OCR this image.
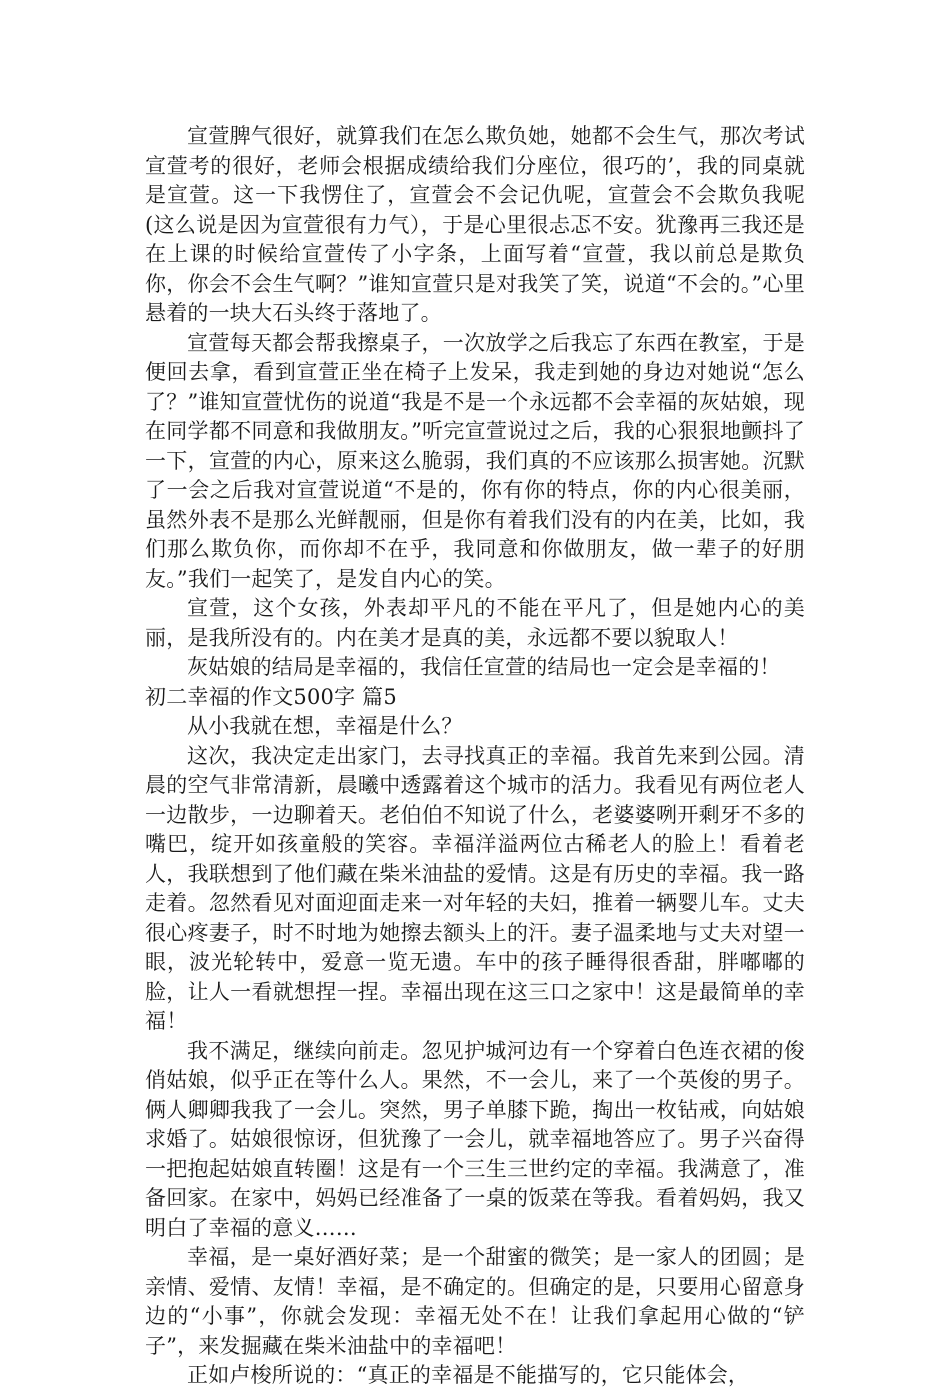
宣萱脾气很好，就算我们在怎么欺负她，她都不会生气，那次考试宣萱考的很好，老师会根据成绩给我们分座位，很巧的’，我的同桌就是宣萱。这一下我愣住了，宣萱会不会记仇呢，宣萱会不会欺负我呢(这么说是因为宣萱很有力气），于是心里很忐忑不安。犹豫再三我还是在上课的时候给宣萱传了小字条，上面写着“宣萱，我以前总是欺负你，你会不会生气啊？”谁知宣萱只是对我笑了笑，说道“不会的。”心里悬着的一块大石头终于落地了。

宣萱每天都会帮我擦桌子，一次放学之后我忘了东西在教室，于是便回去拿，看到宣萱正坐在椅子上发呆，我走到她的身边对她说“怎么了？”谁知宣萱忧伤的说道“我是不是一个永远都不会幸福的灰姑娘，现在同学都不同意和我做朋友。”听完宣萱说过之后，我的心狠狠地颤抖了一下，宣萱的内心，原来这么脆弱，我们真的不应该那么损害她。沉默了一会之后我对宣萱说道“不是的，你有你的特点，你的内心很美丽，虽然外表不是那么光鲜靓丽，但是你有着我们没有的内在美，比如，我们那么欺负你，而你却不在乎，我同意和你做朋友，做一辈子的好朋友。”我们一起笑了，是发自内心的笑。

宣萱，这个女孩，外表却平凡的不能在平凡了，但是她内心的美丽，是我所没有的。内在美才是真的美，永远都不要以貌取人！

灰姑娘的结局是幸福的，我信任宣萱的结局也一定会是幸福的！

初二幸福的作文500字 篇5

从小我就在想，幸福是什么？

这次，我决定走出家门，去寻找真正的幸福。我首先来到公园。清晨的空气非常清新，晨曦中透露着这个城市的活力。我看见有两位老人一边散步，一边聊着天。老伯伯不知说了什么，老婆婆咧开剩牙不多的嘴巴，绽开如孩童般的笑容。幸福洋溢两位古稀老人的脸上！看着老人，我联想到了他们藏在柴米油盐的爱情。这是有历史的幸福。我一路走着。忽然看见对面迎面走来一对年轻的夫妇，推着一辆婴儿车。丈夫很心疼妻子，时不时地为她擦去额头上的汗。妻子温柔地与丈夫对望一眼，波光轮转中，爱意一览无遗。车中的孩子睡得很香甜，胖嘟嘟的脸，让人一看就想捏一捏。幸福出现在这三口之家中！这是最简单的幸福！

我不满足，继续向前走。忽见护城河边有一个穿着白色连衣裙的俊俏姑娘，似乎正在等什么人。果然，不一会儿，来了一个英俊的男子。俩人卿卿我我了一会儿。突然，男子单膝下跪，掏出一枚钻戒，向姑娘求婚了。姑娘很惊讶，但犹豫了一会儿，就幸福地答应了。男子兴奋得一把抱起姑娘直转圈！这是有一个三生三世约定的幸福。我满意了，准备回家。在家中，妈妈已经准备了一桌的饭菜在等我。看着妈妈，我又明白了幸福的意义……

幸福，是一桌好酒好菜；是一个甜蜜的微笑；是一家人的团圆；是亲情、爱情、友情！幸福，是不确定的。但确定的是，只要用心留意身边的“小事”，你就会发现：幸福无处不在！让我们拿起用心做的“铲子”，来发掘藏在柴米油盐中的幸福吧！

正如卢梭所说的：“真正的幸福是不能描写的，它只能体会，
